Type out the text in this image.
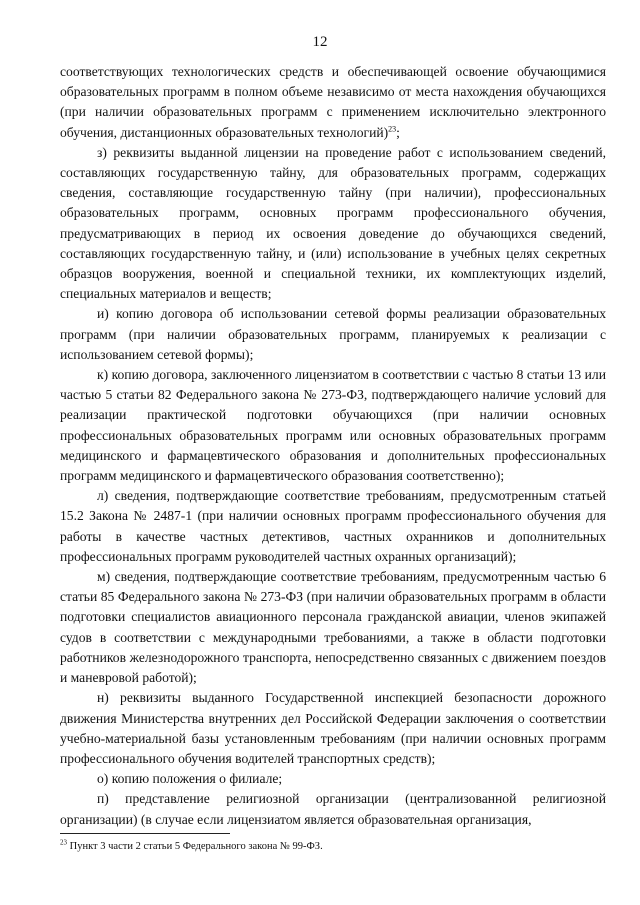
12

соответствующих технологических средств и обеспечивающей освоение обучающимися образовательных программ в полном объеме независимо от места нахождения обучающихся (при наличии образовательных программ с применением исключительно электронного обучения, дистанционных образовательных технологий)$^{23}$;

з) реквизиты выданной лицензии на проведение работ с использованием сведений, составляющих государственную тайну, для образовательных программ, содержащих сведения, составляющие государственную тайну (при наличии), профессиональных образовательных программ, основных программ профессионального обучения, предусматривающих в период их освоения доведение до обучающихся сведений, составляющих государственную тайну, и (или) использование в учебных целях секретных образцов вооружения, военной и специальной техники, их комплектующих изделий, специальных материалов и веществ;

и) копию договора об использовании сетевой формы реализации образовательных программ (при наличии образовательных программ, планируемых к реализации с использованием сетевой формы);

к) копию договора, заключенного лицензиатом в соответствии с частью 8 статьи 13 или частью 5 статьи 82 Федерального закона № 273-ФЗ, подтверждающего наличие условий для реализации практической подготовки обучающихся (при наличии основных профессиональных образовательных программ или основных образовательных программ медицинского и фармацевтического образования и дополнительных профессиональных программ медицинского и фармацевтического образования соответственно);

л) сведения, подтверждающие соответствие требованиям, предусмотренным статьей 15.2 Закона № 2487-1 (при наличии основных программ профессионального обучения для работы в качестве частных детективов, частных охранников и дополнительных профессиональных программ руководителей частных охранных организаций);

м) сведения, подтверждающие соответствие требованиям, предусмотренным частью 6 статьи 85 Федерального закона № 273-ФЗ (при наличии образовательных программ в области подготовки специалистов авиационного персонала гражданской авиации, членов экипажей судов в соответствии с международными требованиями, а также в области подготовки работников железнодорожного транспорта, непосредственно связанных с движением поездов и маневровой работой);

н) реквизиты выданного Государственной инспекцией безопасности дорожного движения Министерства внутренних дел Российской Федерации заключения о соответствии учебно-материальной базы установленным требованиям (при наличии основных программ профессионального обучения водителей транспортных средств);

о) копию положения о филиале;

п) представление религиозной организации (централизованной религиозной организации) (в случае если лицензиатом является образовательная организация,

$^{23}$ Пункт 3 части 2 статьи 5 Федерального закона № 99-ФЗ.
